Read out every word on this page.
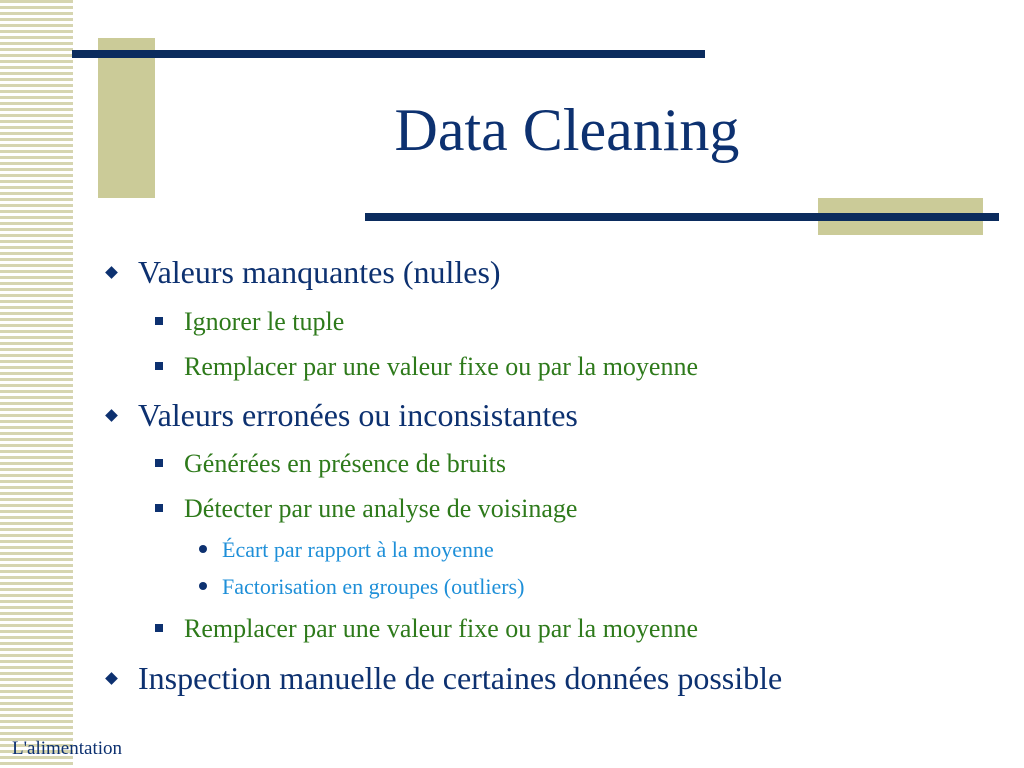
Data Cleaning
Valeurs manquantes (nulles)
Ignorer le tuple
Remplacer par une valeur fixe ou par la moyenne
Valeurs erronées ou inconsistantes
Générées en présence de bruits
Détecter par une analyse de voisinage
Écart par rapport à la moyenne
Factorisation en groupes (outliers)
Remplacer par une valeur fixe ou par la moyenne
Inspection manuelle de certaines données possible
L'alimentation
